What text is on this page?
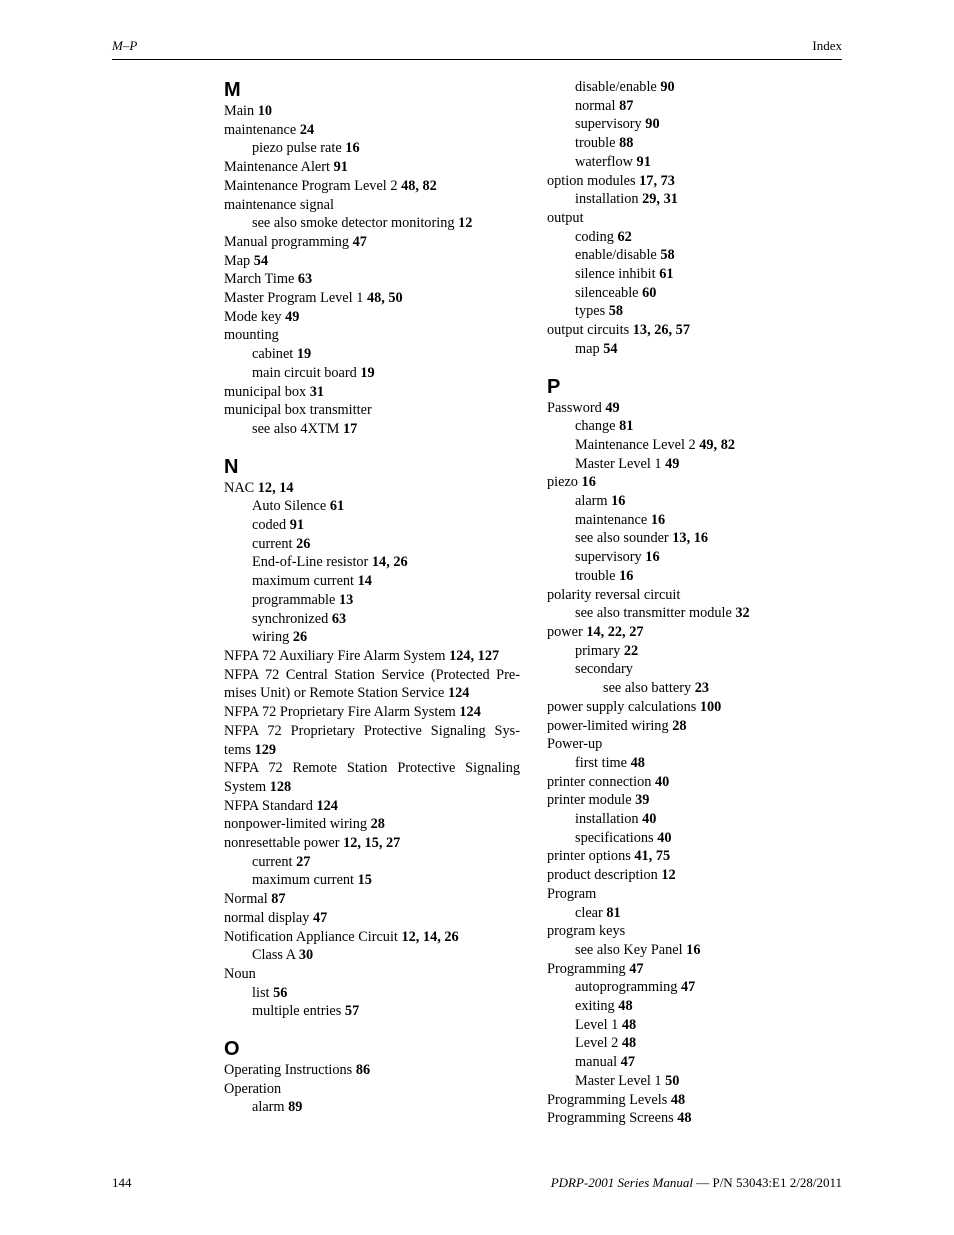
M–P	Index
M
Main 10
maintenance 24
piezo pulse rate 16
Maintenance Alert 91
Maintenance Program Level 2 48, 82
maintenance signal
see also smoke detector monitoring 12
Manual programming 47
Map 54
March Time 63
Master Program Level 1 48, 50
Mode key 49
mounting
cabinet 19
main circuit board 19
municipal box 31
municipal box transmitter
see also 4XTM 17
N
NAC 12, 14
Auto Silence 61
coded 91
current 26
End-of-Line resistor 14, 26
maximum current 14
programmable 13
synchronized 63
wiring 26
NFPA 72 Auxiliary Fire Alarm System 124, 127
NFPA 72 Central Station Service (Protected Pre-mises Unit) or Remote Station Service 124
NFPA 72 Proprietary Fire Alarm System 124
NFPA 72 Proprietary Protective Signaling Sys-tems 129
NFPA 72 Remote Station Protective Signaling System 128
NFPA Standard 124
nonpower-limited wiring 28
nonresettable power 12, 15, 27
current 27
maximum current 15
Normal 87
normal display 47
Notification Appliance Circuit 12, 14, 26
Class A 30
Noun
list 56
multiple entries 57
O
Operating Instructions 86
Operation
alarm 89
disable/enable 90
normal 87
supervisory 90
trouble 88
waterflow 91
option modules 17, 73
installation 29, 31
output
coding 62
enable/disable 58
silence inhibit 61
silenceable 60
types 58
output circuits 13, 26, 57
map 54
P
Password 49
change 81
Maintenance Level 2 49, 82
Master Level 1 49
piezo 16
alarm 16
maintenance 16
see also sounder 13, 16
supervisory 16
trouble 16
polarity reversal circuit
see also transmitter module 32
power 14, 22, 27
primary 22
secondary
see also battery 23
power supply calculations 100
power-limited wiring 28
Power-up
first time 48
printer connection 40
printer module 39
installation 40
specifications 40
printer options 41, 75
product description 12
Program
clear 81
program keys
see also Key Panel 16
Programming 47
autoprogramming 47
exiting 48
Level 1 48
Level 2 48
manual 47
Master Level 1 50
Programming Levels 48
Programming Screens 48
144	PDRP-2001 Series Manual — P/N 53043:E1 2/28/2011
